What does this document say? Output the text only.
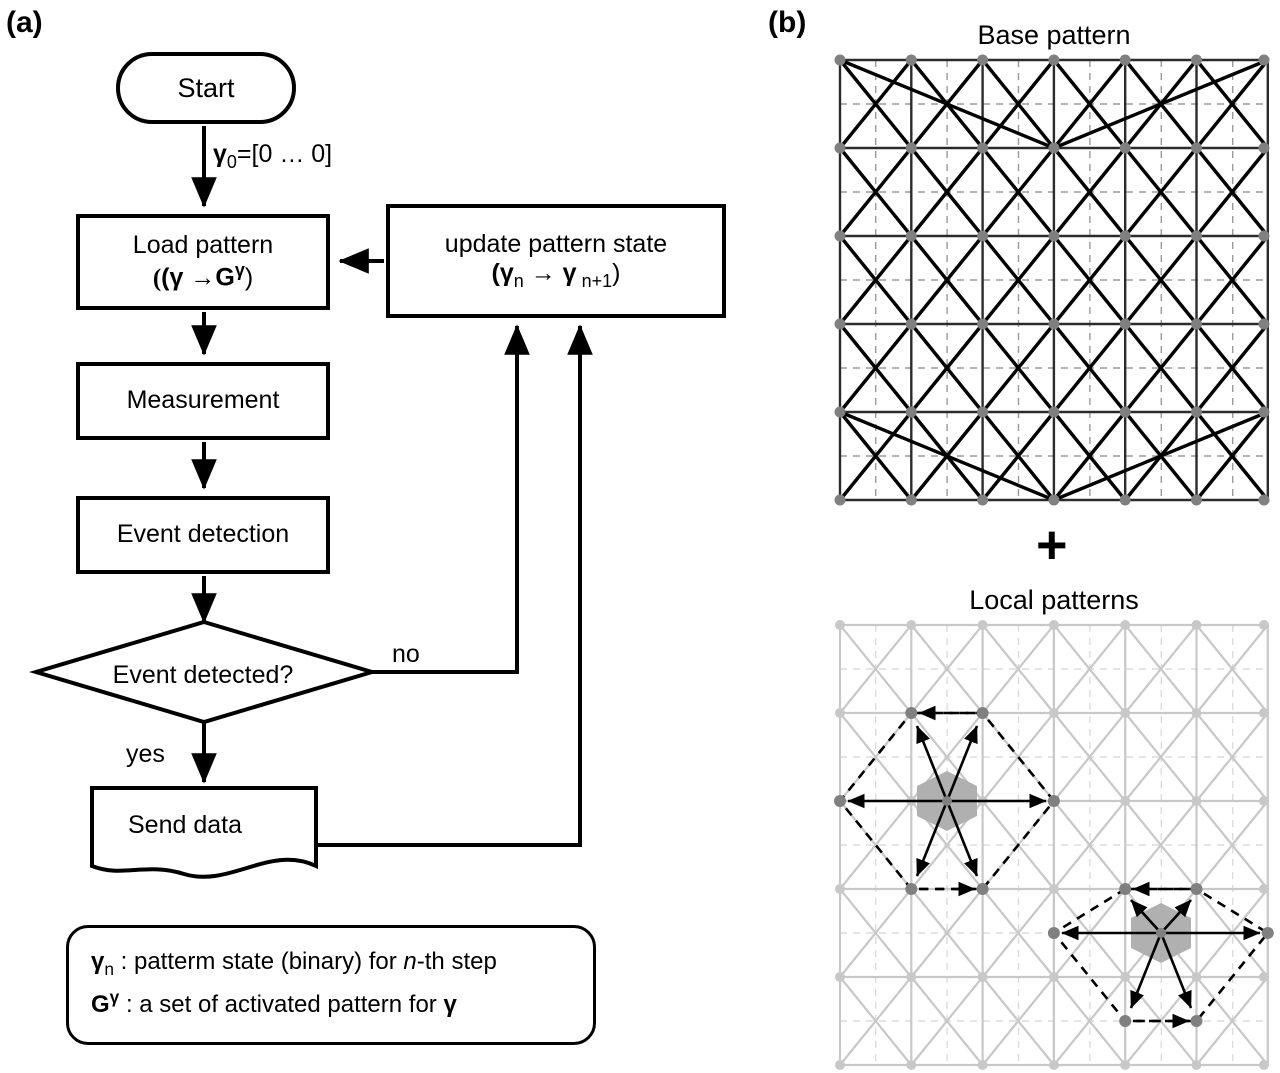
(a)	(b)
Start
$\gamma_0=[0$ … 0]
Load pattern
($(\gamma \to G^\gamma)$
Measurement
Event detection
update pattern state
($\gamma_n \to \gamma$ $_{n+1}$)
Event detected?
no
yes
Send data
$\gamma_n$ : patterm state (binary) for n-th step
$G^\gamma$ : a set of activated pattern for γ
Base pattern
+
Local patterns
